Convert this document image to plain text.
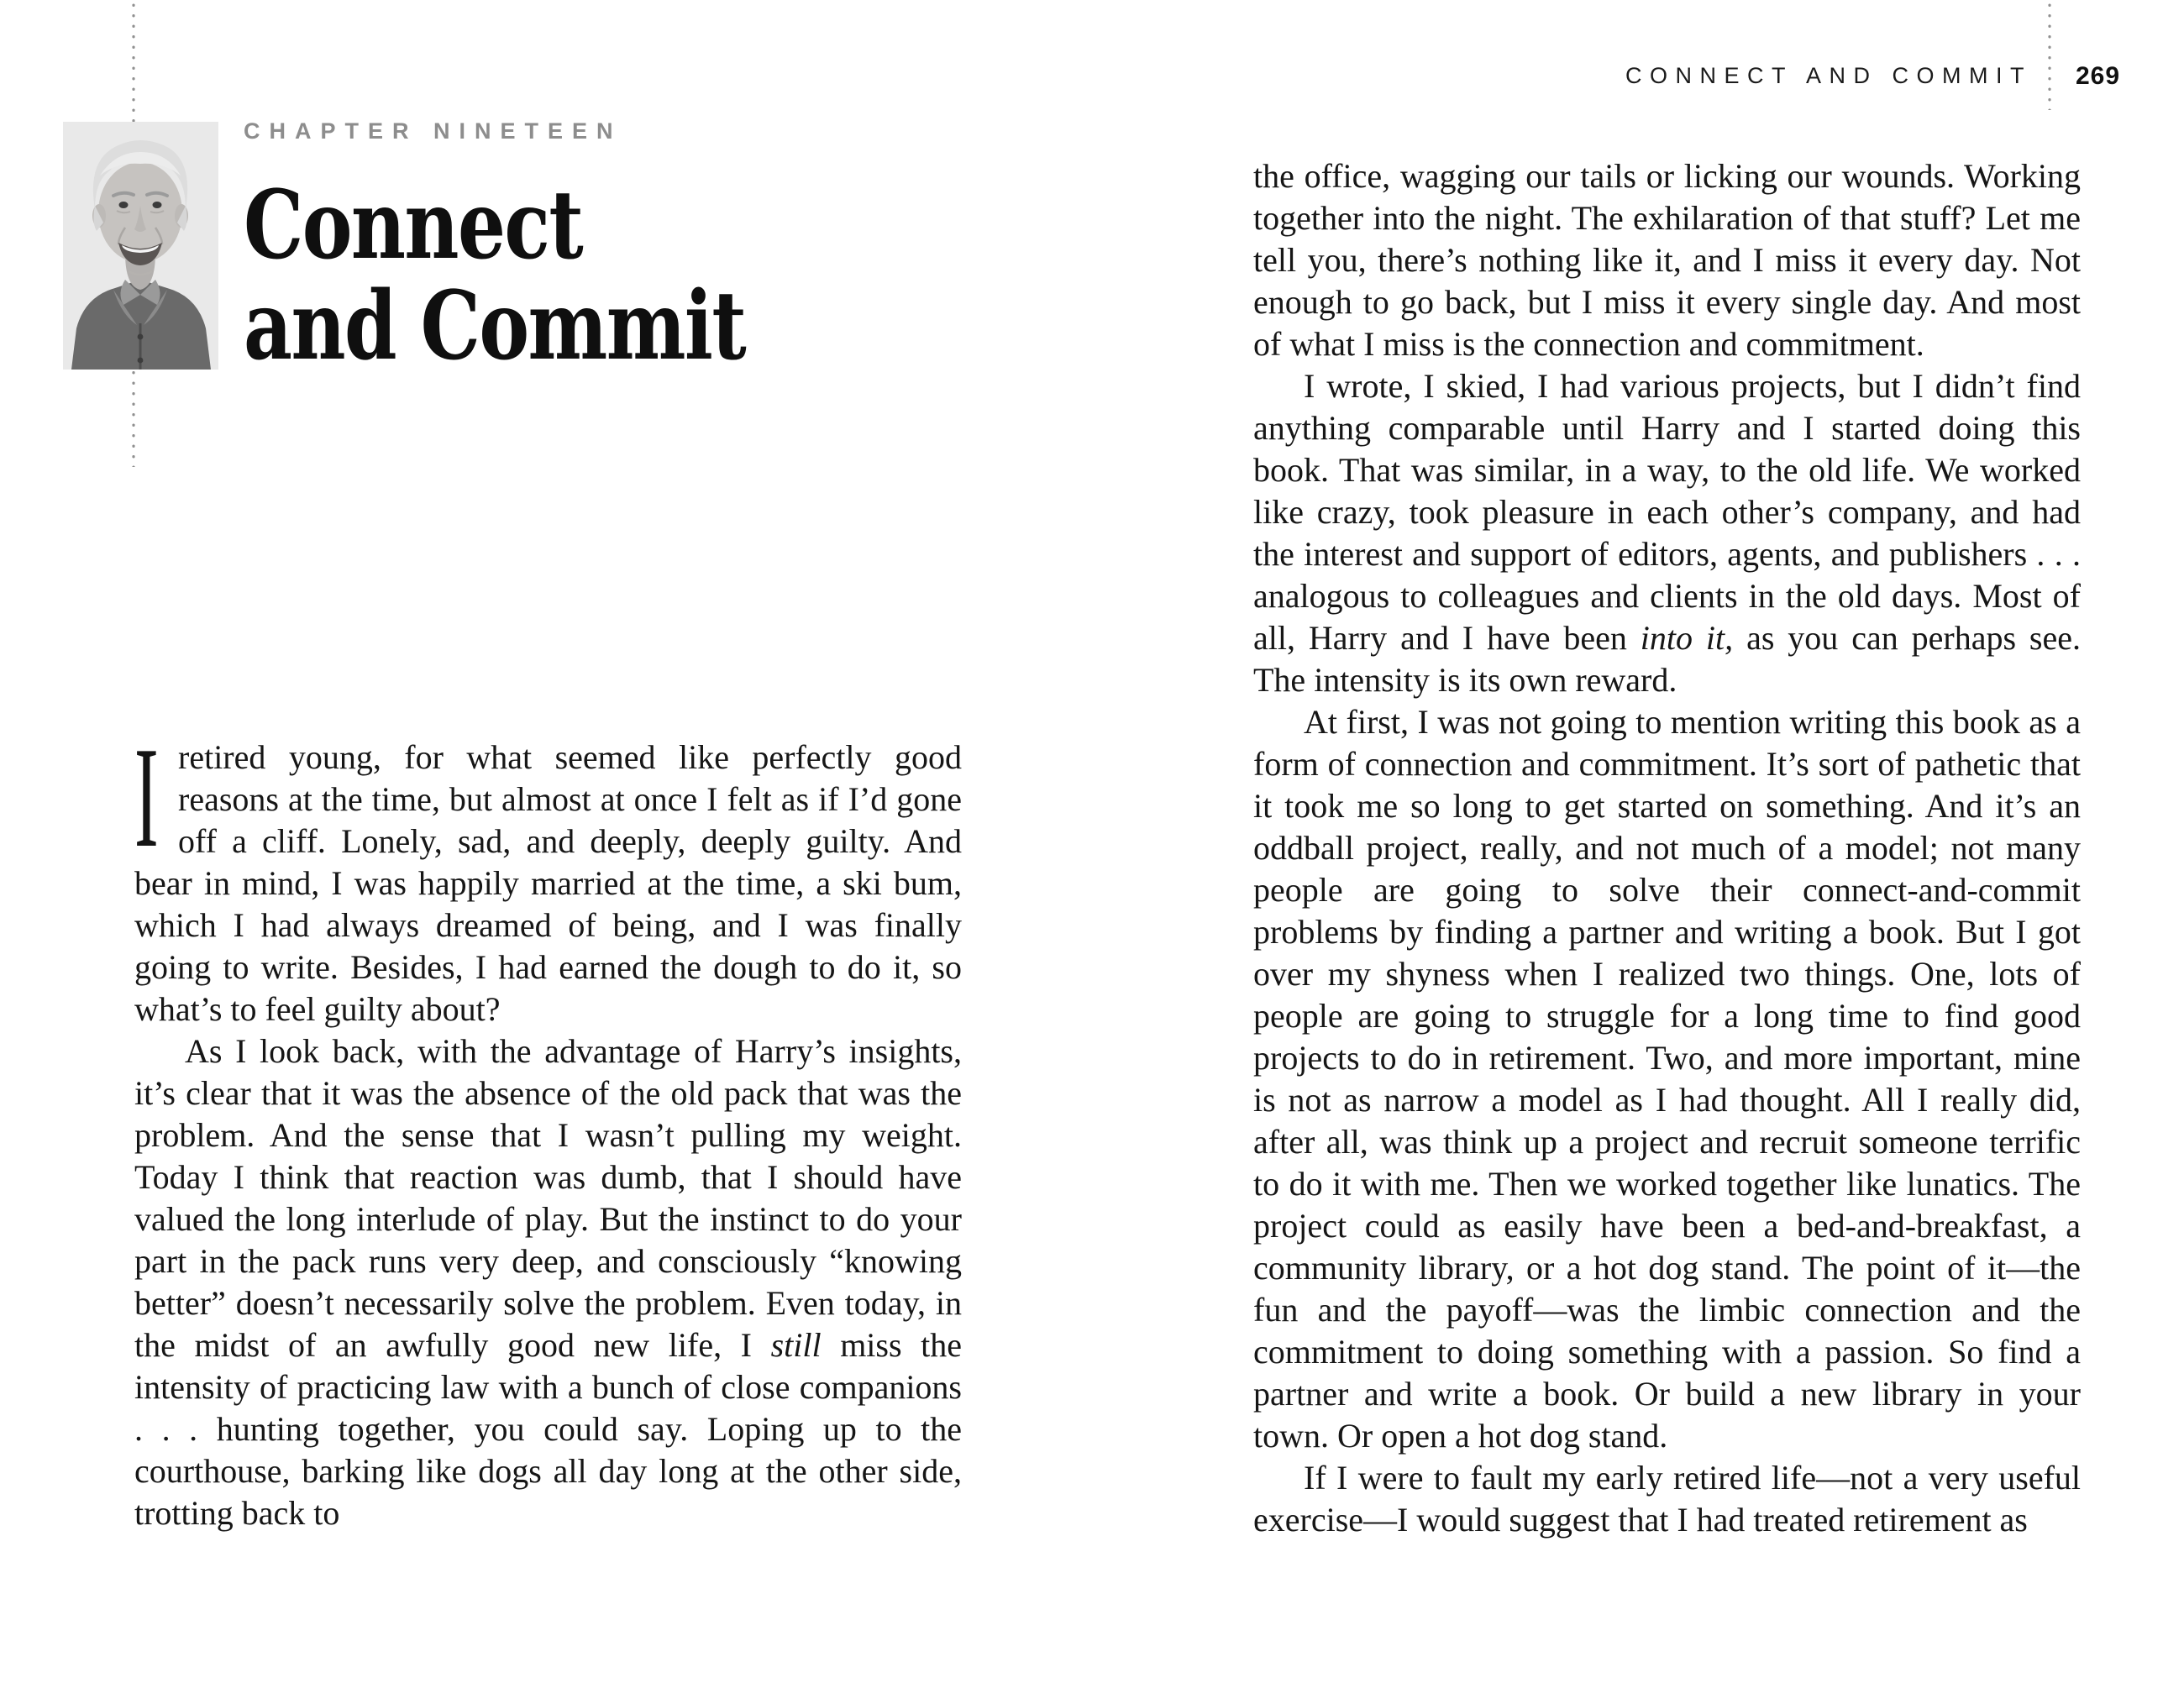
CHAPTER NINETEEN
Connect
and Commit

Iretired young, for what seemed like perfectly good reasons at the time, but almost at once I felt as if I’d gone off a cliff. Lonely, sad, and deeply, deeply guilty. And bear in mind, I was happily married at the time, a ski bum, which I had always dreamed of being, and I was finally going to write. Besides, I had earned the dough to do it, so what’s to feel guilty about?

As I look back, with the advantage of Harry’s insights, it’s clear that it was the absence of the old pack that was the problem. And the sense that I wasn’t pulling my weight. Today I think that reaction was dumb, that I should have valued the long interlude of play. But the instinct to do your part in the pack runs very deep, and consciously “knowing better” doesn’t necessarily solve the problem. Even today, in the midst of an awfully good new life, I still miss the intensity of practicing law with a bunch of close companions . . . hunting together, you could say. Loping up to the courthouse, barking like dogs all day long at the other side, trotting back to

CONNECT AND COMMIT 269

the office, wagging our tails or licking our wounds. Working together into the night. The exhilaration of that stuff? Let me tell you, there’s nothing like it, and I miss it every day. Not enough to go back, but I miss it every single day. And most of what I miss is the connection and commitment.

I wrote, I skied, I had various projects, but I didn’t find anything comparable until Harry and I started doing this book. That was similar, in a way, to the old life. We worked like crazy, took pleasure in each other’s company, and had the interest and support of editors, agents, and publishers . . . analogous to colleagues and clients in the old days. Most of all, Harry and I have been into it, as you can perhaps see. The intensity is its own reward.

At first, I was not going to mention writing this book as a form of connection and commitment. It’s sort of pathetic that it took me so long to get started on something. And it’s an oddball project, really, and not much of a model; not many people are going to solve their connect-and-commit problems by finding a partner and writing a book. But I got over my shyness when I realized two things. One, lots of people are going to struggle for a long time to find good projects to do in retirement. Two, and more important, mine is not as narrow a model as I had thought. All I really did, after all, was think up a project and recruit someone terrific to do it with me. Then we worked together like lunatics. The project could as easily have been a bed-and-breakfast, a community library, or a hot dog stand. The point of it—the fun and the payoff—was the limbic connection and the commitment to doing something with a passion. So find a partner and write a book. Or build a new library in your town. Or open a hot dog stand.

If I were to fault my early retired life—not a very useful exercise—I would suggest that I had treated retirement as
